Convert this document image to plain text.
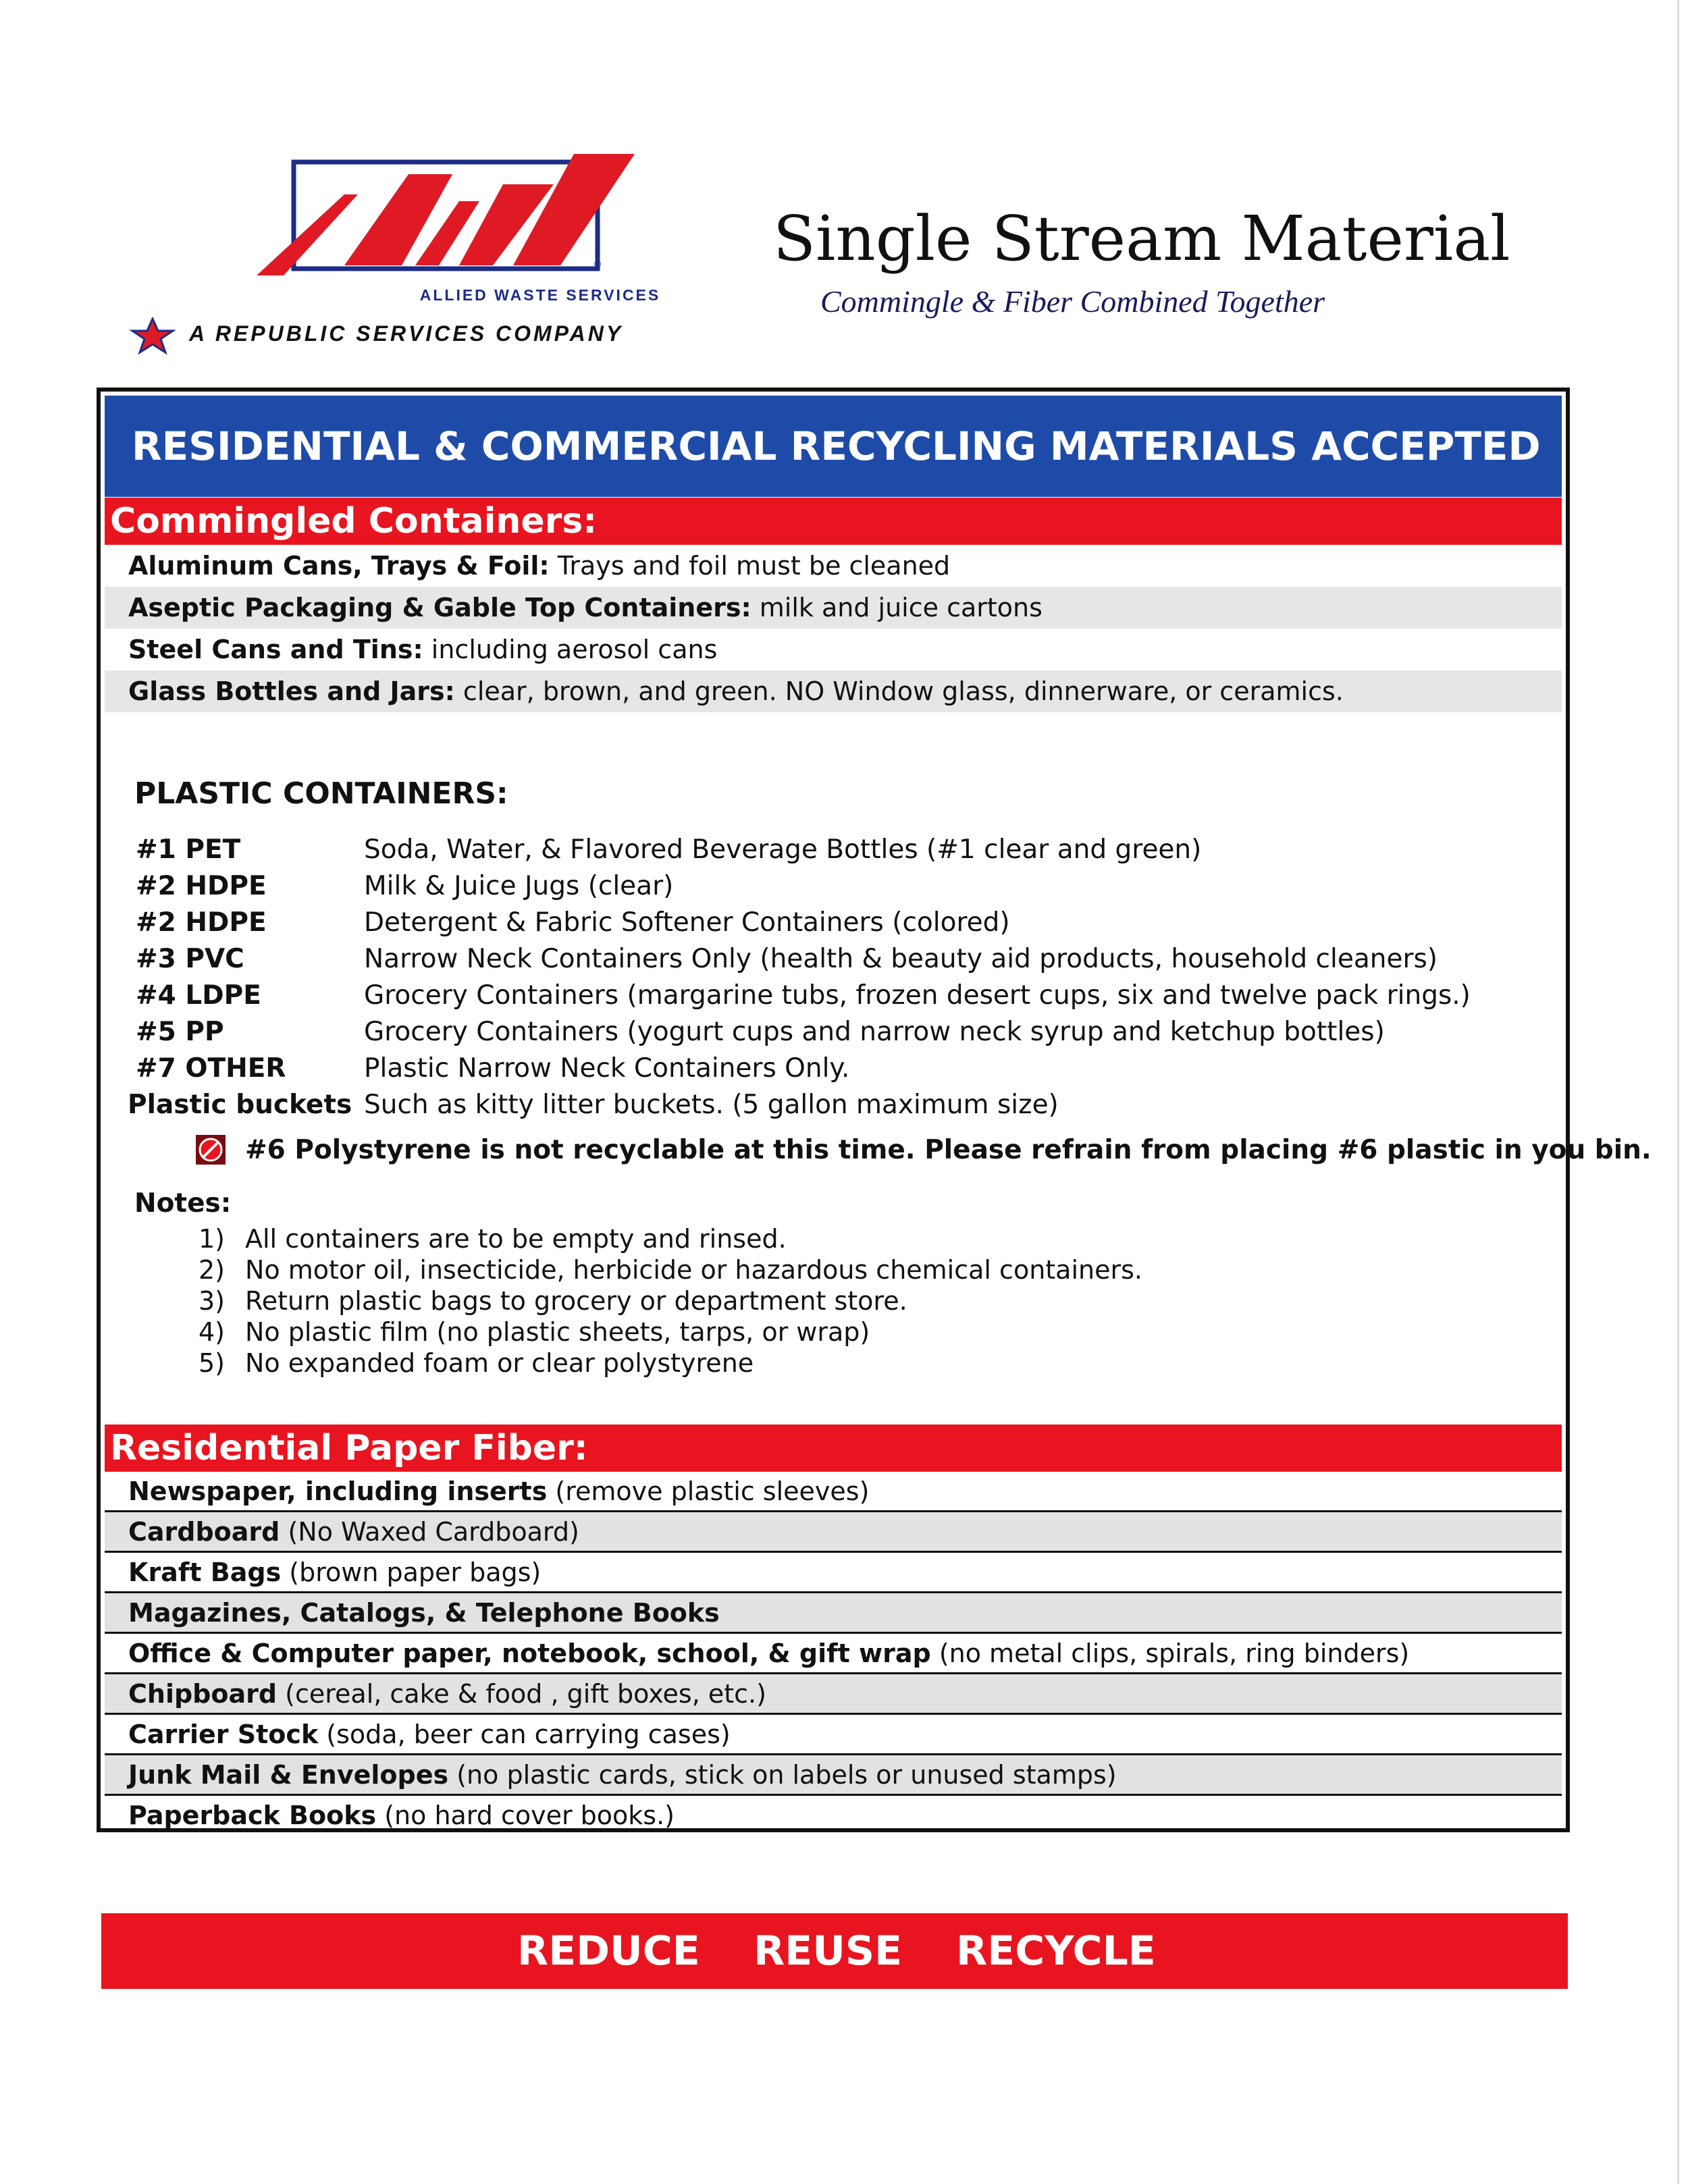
®
ALLIED WASTE SERVICES
A REPUBLIC SERVICES COMPANY
Single Stream Material
Commingle & Fiber Combined Together
RESIDENTIAL & COMMERCIAL RECYCLING MATERIALS ACCEPTED
Commingled Containers:
Aluminum Cans, Trays & Foil: Trays and foil must be cleaned
Aseptic Packaging & Gable Top Containers: milk and juice cartons
Steel Cans and Tins: including aerosol cans
Glass Bottles and Jars: clear, brown, and green. NO Window glass, dinnerware, or ceramics.
PLASTIC CONTAINERS:
#1 PET	Soda, Water, & Flavored Beverage Bottles (#1 clear and green)
#2 HDPE	Milk & Juice Jugs (clear)
#2 HDPE	Detergent & Fabric Softener Containers (colored)
#3 PVC	Narrow Neck Containers Only (health & beauty aid products, household cleaners)
#4 LDPE	Grocery Containers (margarine tubs, frozen desert cups, six and twelve pack rings.)
#5 PP	Grocery Containers (yogurt cups and narrow neck syrup and ketchup bottles)
#7 OTHER	Plastic Narrow Neck Containers Only.
Plastic buckets Such as kitty litter buckets. (5 gallon maximum size)
#6 Polystyrene is not recyclable at this time. Please refrain from placing #6 plastic in you bin.
Notes:
1) All containers are to be empty and rinsed.
2) No motor oil, insecticide, herbicide or hazardous chemical containers.
3) Return plastic bags to grocery or department store.
4) No plastic film (no plastic sheets, tarps, or wrap)
5) No expanded foam or clear polystyrene
Residential Paper Fiber:
Newspaper, including inserts (remove plastic sleeves)
Cardboard (No Waxed Cardboard)
Kraft Bags (brown paper bags)
Magazines, Catalogs, & Telephone Books
Office & Computer paper, notebook, school, & gift wrap (no metal clips, spirals, ring binders)
Chipboard (cereal, cake & food , gift boxes, etc.)
Carrier Stock (soda, beer can carrying cases)
Junk Mail & Envelopes (no plastic cards, stick on labels or unused stamps)
Paperback Books (no hard cover books.)
REDUCE REUSE RECYCLE
